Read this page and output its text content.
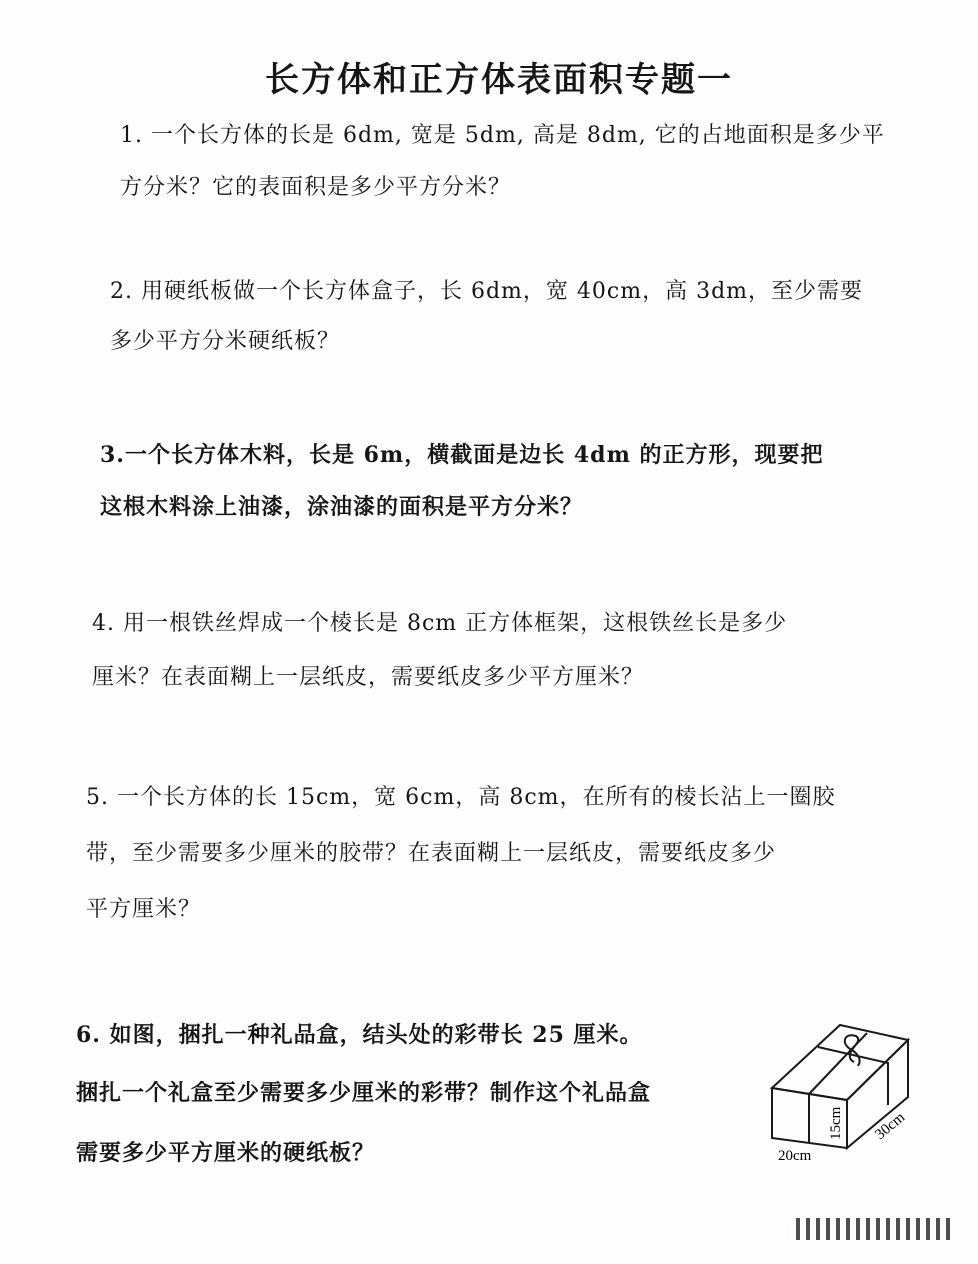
长方体和正方体表面积专题一
1. 一个长方体的长是 6dm, 宽是 5dm, 高是 8dm, 它的占地面积是多少平
方分米？它的表面积是多少平方分米？
2. 用硬纸板做一个长方体盒子，长 6dm，宽 40cm，高 3dm，至少需要
多少平方分米硬纸板？
3.一个长方体木料，长是 6m，横截面是边长 4dm 的正方形，现要把
这根木料涂上油漆，涂油漆的面积是平方分米？
4. 用一根铁丝焊成一个棱长是 8cm 正方体框架，这根铁丝长是多少
厘米？在表面糊上一层纸皮，需要纸皮多少平方厘米？
5. 一个长方体的长 15cm，宽 6cm，高 8cm，在所有的棱长沾上一圈胶
带，至少需要多少厘米的胶带？在表面糊上一层纸皮，需要纸皮多少
平方厘米？
6. 如图，捆扎一种礼品盒，结头处的彩带长 25 厘米。
捆扎一个礼盒至少需要多少厘米的彩带？制作这个礼品盒
需要多少平方厘米的硬纸板？	20cm
15cm 30cm
